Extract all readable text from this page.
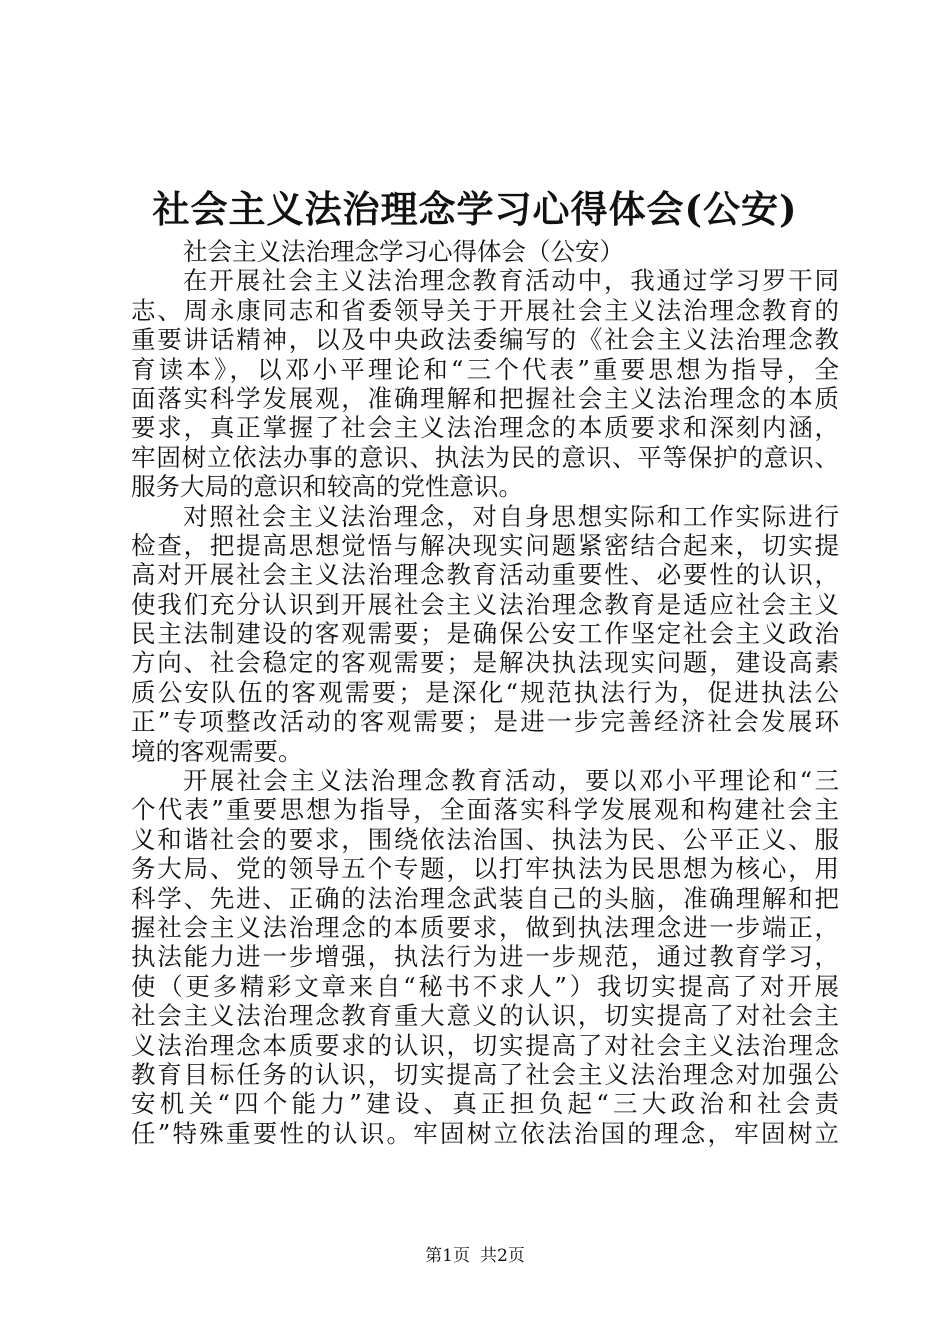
社会主义法治理念学习心得体会(公安)
社会主义法治理念学习心得体会（公安）
在开展社会主义法治理念教育活动中，我通过学习罗干同
志、周永康同志和省委领导关于开展社会主义法治理念教育的
重要讲话精神，以及中央政法委编写的《社会主义法治理念教
育读本》，以邓小平理论和“三个代表”重要思想为指导，全
面落实科学发展观，准确理解和把握社会主义法治理念的本质
要求，真正掌握了社会主义法治理念的本质要求和深刻内涵，
牢固树立依法办事的意识、执法为民的意识、平等保护的意识、
服务大局的意识和较高的党性意识。
对照社会主义法治理念，对自身思想实际和工作实际进行
检查，把提高思想觉悟与解决现实问题紧密结合起来，切实提
高对开展社会主义法治理念教育活动重要性、必要性的认识，
使我们充分认识到开展社会主义法治理念教育是适应社会主义
民主法制建设的客观需要；是确保公安工作坚定社会主义政治
方向、社会稳定的客观需要；是解决执法现实问题，建设高素
质公安队伍的客观需要；是深化“规范执法行为，促进执法公
正”专项整改活动的客观需要；是进一步完善经济社会发展环
境的客观需要。
开展社会主义法治理念教育活动，要以邓小平理论和“三
个代表”重要思想为指导，全面落实科学发展观和构建社会主
义和谐社会的要求，围绕依法治国、执法为民、公平正义、服
务大局、党的领导五个专题，以打牢执法为民思想为核心，用
科学、先进、正确的法治理念武装自己的头脑，准确理解和把
握社会主义法治理念的本质要求，做到执法理念进一步端正，
执法能力进一步增强，执法行为进一步规范，通过教育学习，
使（更多精彩文章来自“秘书不求人”）我切实提高了对开展
社会主义法治理念教育重大意义的认识，切实提高了对社会主
义法治理念本质要求的认识，切实提高了对社会主义法治理念
教育目标任务的认识，切实提高了社会主义法治理念对加强公
安机关“四个能力”建设、真正担负起“三大政治和社会责
任”特殊重要性的认识。牢固树立依法治国的理念，牢固树立
第1页 共2页
